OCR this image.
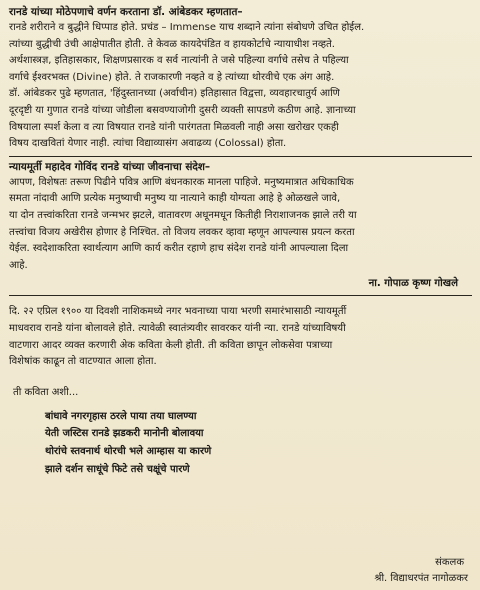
रानडे यांच्या मोठेपणाचे वर्णन करताना डॉ. आंबेडकर म्हणतात–

रानडे शरीराने व बुद्धीने धिप्पाड होते. प्रचंड – Immense याच शब्दाने त्यांना संबोधणे उचित होईल.
त्यांच्या बुद्धीची उंची आक्षेपातीत होती. ते केवळ कायदेपंडित व हायकोर्टाचे न्यायाधीश नव्हते.
अर्थशास्त्रज्ञ, इतिहासकार, शिक्षणप्रसारक व सर्व नात्यांनी ते जसे पहिल्या वर्गाचे तसेच ते पहिल्या
वर्गाचे ईश्वरभक्त (Divine) होते. ते राजकारणी नव्हते व हे त्यांच्या थोरवीचे एक अंग आहे.
डॉ. आंबेडकर पुढे म्हणतात, 'हिंदुस्तानच्या (अर्वाचीन) इतिहासात विद्वत्ता, व्यवहारचातुर्य आणि
दूरदृष्टी या गुणात रानडे यांच्या जोडीला बसवण्याजोगी दुसरी व्यक्ती सापडणे कठीण आहे. ज्ञानाच्या
विषयाला स्पर्श केला व त्या विषयात रानडे यांनी पारंगतता मिळवली नाही असा खरोखर एकही
विषय दाखवितां येणार नाही. त्यांचा विद्याव्यासंग अवाढव्य (Colossal) होता.

न्यायमूर्ती महादेव गोविंद रानडे यांच्या जीवनाचा संदेश–

आपण, विशेषतः तरूण पिढीने पवित्र आणि बंधनकारक मानला पाहिजे. मनुष्यमात्रात अधिकाधिक
समता नांदावी आणि प्रत्येक मनुष्याची मनुष्य या नात्याने काही योग्यता आहे हे ओळखले जावे,
या दोन तत्त्वांकरिता रानडे जन्मभर झटले, वातावरण अधूनमधून कितीही निराशाजनक झाले तरी या
तत्त्वांचा विजय अखेरीस होणार हे निश्चित. तो विजय लवकर व्हावा म्हणून आपल्यास प्रयत्न करता
येईल. स्वदेशाकरिता स्वार्थत्याग आणि कार्य करीत रहाणे हाच संदेश रानडे यांनी आपल्याला दिला
आहे.

ना. गोपाळ कृष्ण गोखले

दि. २२ एप्रिल १९०० या दिवशी नाशिकमध्ये नगर भवनाच्या पाया भरणी समारंभासाठी न्यायमूर्ती
माधवराव रानडे यांना बोलावले होते. त्यावेळी स्वातंत्र्यवीर सावरकर यांनी न्या. रानडे यांच्याविषयी
वाटणारा आदर व्यक्त करणारी अेक कविता केली होती. ती कविता छापून लोकसेवा पत्राच्या
विशेषांक काढून तो वाटण्यात आला होता.

ती कविता अशी...
बांधावे नगरगृहास ठरले पाया तया घालण्या
येती जस्टिस रानडे झडकरी मानोनी बोलावया
थोरांचे स्तवनार्थ थोरची भले आम्हास या कारणे
झाले दर्शन साधूंचे फिटे तसे चक्षूंचे पारणे
संकलक
श्री. विद्याधरपंत नागोळकर
